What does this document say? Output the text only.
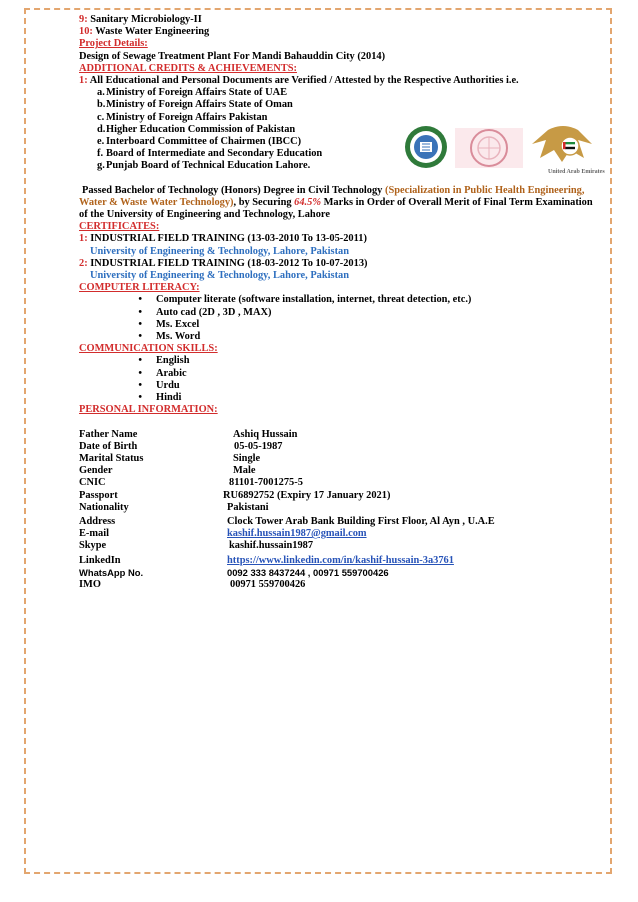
United Arab Emirates
9: Sanitary Microbiology-II
10: Waste Water Engineering
Project Details:
Design of Sewage Treatment Plant For Mandi Bahauddin City (2014)
ADDITIONAL CREDITS & ACHIEVEMENTS:
1: All Educational and Personal Documents are Verified / Attested by the Respective Authorities i.e.
a. Ministry of Foreign Affairs State of UAE
b. Ministry of Foreign Affairs State of Oman
c. Ministry of Foreign Affairs Pakistan
d. Higher Education Commission of Pakistan
e. Interboard Committee of Chairmen (IBCC)
f. Board of Intermediate and Secondary Education
g. Punjab Board of Technical Education Lahore.
Passed Bachelor of Technology (Honors) Degree in Civil Technology (Specialization in Public Health Engineering,
Water & Waste Water Technology), by Securing 64.5% Marks in Order of Overall Merit of Final Term Examination
of the University of Engineering and Technology, Lahore
CERTIFICATES:
1: INDUSTRIAL FIELD TRAINING (13-03-2010 To 13-05-2011)
University of Engineering & Technology, Lahore, Pakistan
2: INDUSTRIAL FIELD TRAINING (18-03-2012 To 10-07-2013)
University of Engineering & Technology, Lahore, Pakistan
COMPUTER LITERACY:
•	Computer literate (software installation, internet, threat detection, etc.)
•	Auto cad (2D , 3D , MAX)
•	Ms. Excel
•	Ms. Word
COMMUNICATION SKILLS:
•	English
•	Arabic
•	Urdu
•	Hindi
PERSONAL INFORMATION:
Father Name	Ashiq Hussain
Date of Birth	05-05-1987
Marital Status	Single
Gender	Male
CNIC	81101-7001275-5
Passport	RU6892752 (Expiry 17 January 2021)
Nationality	Pakistani
Address	Clock Tower Arab Bank Building First Floor, Al Ayn , U.A.E
E-mail	kashif.hussain1987@gmail.com
Skype	kashif.hussain1987
LinkedIn	https://www.linkedin.com/in/kashif-hussain-3a3761
WhatsApp No.	0092 333 8437244 , 00971 559700426
IMO	00971 559700426
